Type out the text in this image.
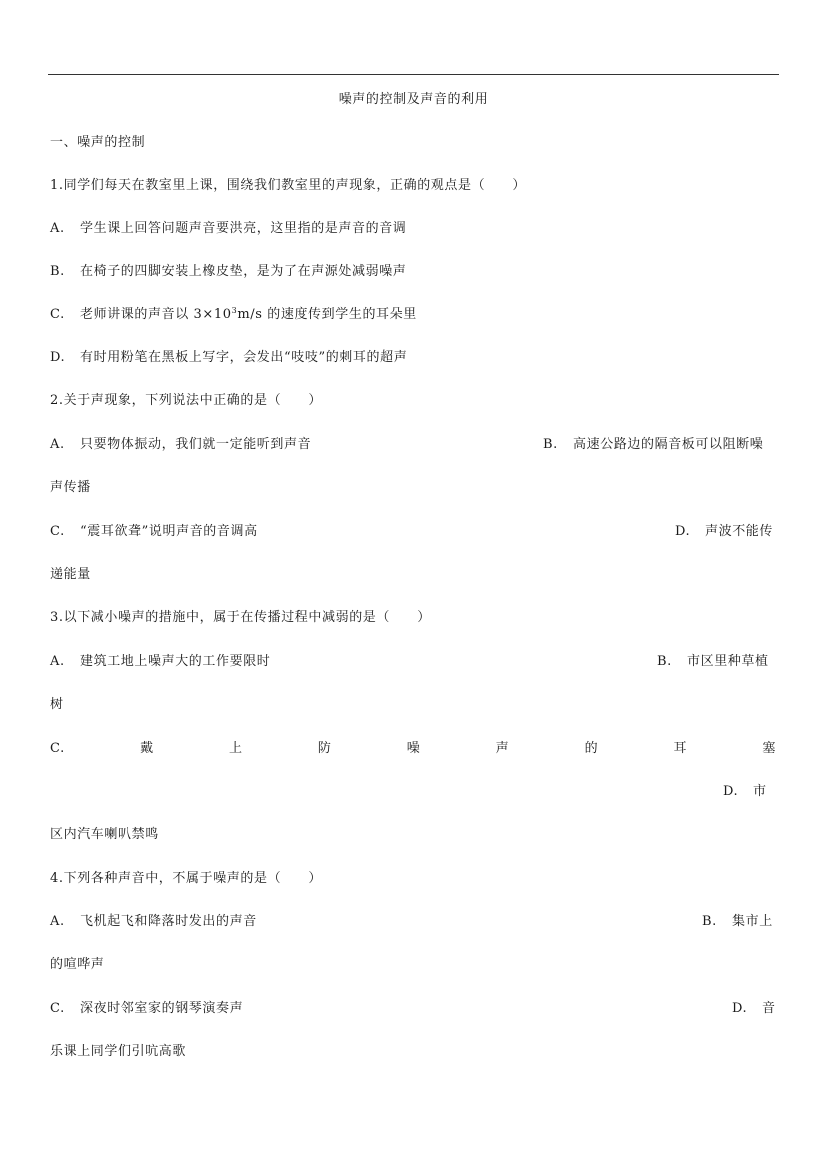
噪声的控制及声音的利用
一、噪声的控制
1.同学们每天在教室里上课，围绕我们教室里的声现象，正确的观点是（　　）
A. 学生课上回答问题声音要洪亮，这里指的是声音的音调
B. 在椅子的四脚安装上橡皮垫，是为了在声源处减弱噪声
C. 老师讲课的声音以 $3\times 10^3m/s$ 的速度传到学生的耳朵里
D. 有时用粉笔在黑板上写字，会发出“吱吱”的刺耳的超声
2.关于声现象，下列说法中正确的是（　　）
A. 只要物体振动，我们就一定能听到声音	B. 高速公路边的隔音板可以阻断噪
声传播
C. “震耳欲聋”说明声音的音调高	D. 声波不能传
递能量
3.以下减小噪声的措施中，属于在传播过程中减弱的是（　　）
A. 建筑工地上噪声大的工作要限时	B. 市区里种草植
树
C.	戴	上	防	噪	声	的	耳	塞
D. 市
区内汽车喇叭禁鸣
4.下列各种声音中，不属于噪声的是（　　）
A. 飞机起飞和降落时发出的声音	B. 集市上
的喧哗声
C. 深夜时邻室家的钢琴演奏声	D. 音
乐课上同学们引吭高歌
